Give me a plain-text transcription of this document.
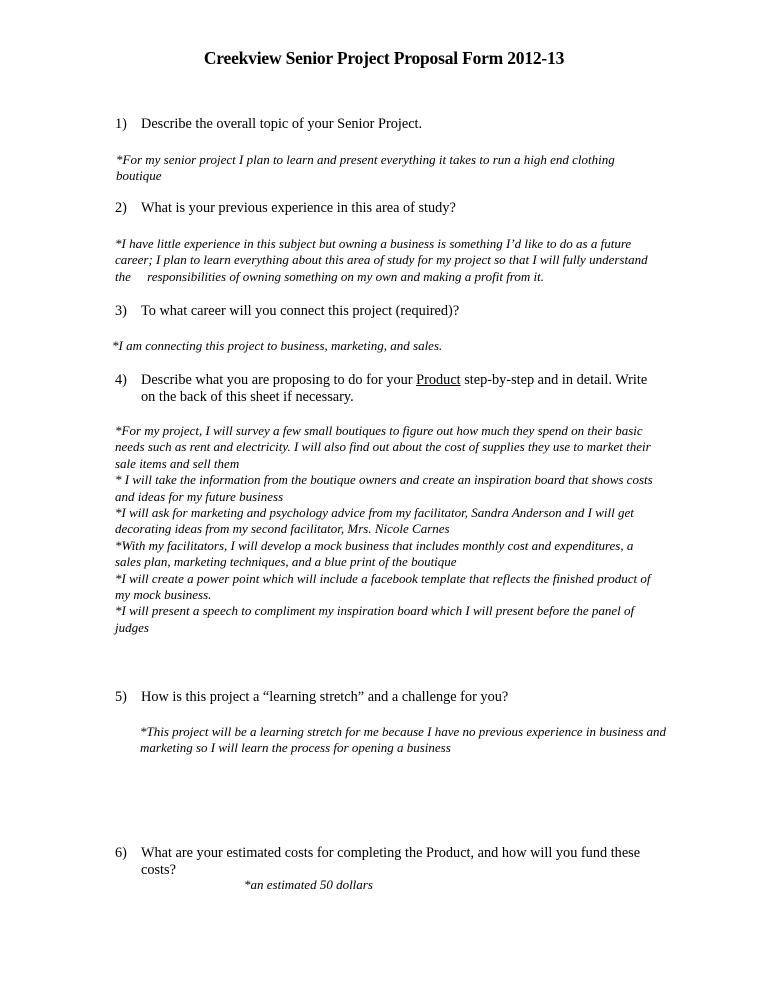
Creekview Senior Project Proposal Form 2012-13
1) Describe the overall topic of your Senior Project.
*For my senior project I plan to learn and present everything it takes to run a high end clothing
boutique
2) What is your previous experience in this area of study?
*I have little experience in this subject but owning a business is something I’d like to do as a future
career; I plan to learn everything about this area of study for my project so that I will fully understand
the     responsibilities of owning something on my own and making a profit from it.
3) To what career will you connect this project (required)?
*I am connecting this project to business, marketing, and sales.
4) Describe what you are proposing to do for your Product step-by-step and in detail. Write
on the back of this sheet if necessary.
*For my project, I will survey a few small boutiques to figure out how much they spend on their basic
needs such as rent and electricity. I will also find out about the cost of supplies they use to market their
sale items and sell them
* I will take the information from the boutique owners and create an inspiration board that shows costs
and ideas for my future business
*I will ask for marketing and psychology advice from my facilitator, Sandra Anderson and I will get
decorating ideas from my second facilitator, Mrs. Nicole Carnes
*With my facilitators, I will develop a mock business that includes monthly cost and expenditures, a
sales plan, marketing techniques, and a blue print of the boutique
*I will create a power point which will include a facebook template that reflects the finished product of
my mock business.
*I will present a speech to compliment my inspiration board which I will present before the panel of
judges
5) How is this project a “learning stretch” and a challenge for you?
*This project will be a learning stretch for me because I have no previous experience in business and
marketing so I will learn the process for opening a business
6) What are your estimated costs for completing the Product, and how will you fund these
costs?
*an estimated 50 dollars
